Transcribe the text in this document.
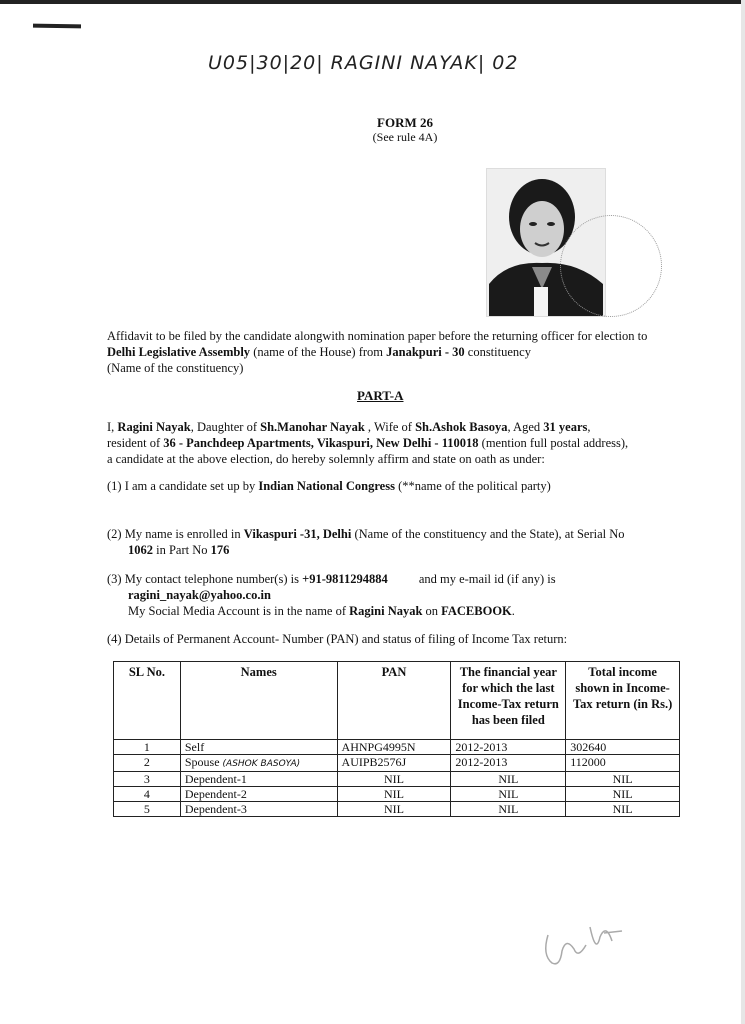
U05|30|20| RAGINI NAYAK| 02
FORM 26
(See rule 4A)
Affidavit to be filed by the candidate alongwith nomination paper before the returning officer for election to Delhi Legislative Assembly (name of the House) from Janakpuri - 30 constituency
(Name of the constituency)
PART-A
I, Ragini Nayak, Daughter of Sh.Manohar Nayak , Wife of Sh.Ashok Basoya, Aged 31 years,
resident of 36 - Panchdeep Apartments, Vikaspuri, New Delhi - 110018 (mention full postal address),
a candidate at the above election, do hereby solemnly affirm and state on oath as under:
(1) I am a candidate set up by Indian National Congress (**name of the political party)
(2) My name is enrolled in Vikaspuri -31, Delhi (Name of the constituency and the State), at Serial No
1062 in Part No 176
(3) My contact telephone number(s) is +91-9811294884 and my e-mail id (if any) is
ragini_nayak@yahoo.co.in
My Social Media Account is in the name of Ragini Nayak on FACEBOOK.
(4) Details of Permanent Account- Number (PAN) and status of filing of Income Tax return:
SL No.	Names	PAN	The financial year for which the last Income-Tax return has been filed	Total income shown in Income-Tax return (in Rs.)
1	Self	AHNPG4995N	2012-2013	302640
2	Spouse (ASHOK BASOYA)	AUIPB2576J	2012-2013	112000
3	Dependent-1	NIL	NIL	NIL
4	Dependent-2	NIL	NIL	NIL
5	Dependent-3	NIL	NIL	NIL
